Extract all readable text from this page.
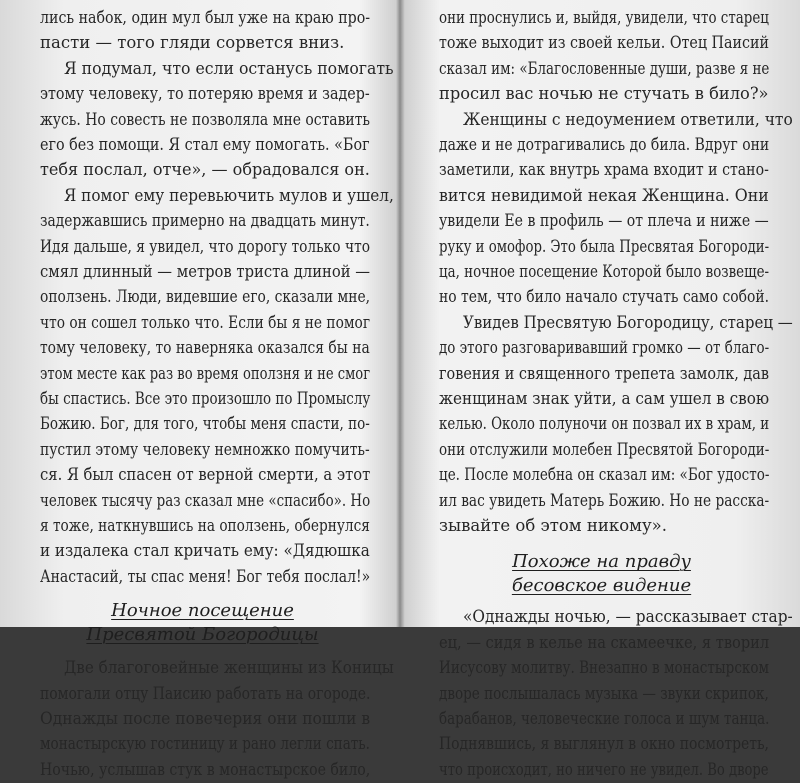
лись набок, один мул был уже на краю про-
пасти — того гляди сорвется вниз.
Я подумал, что если останусь помогать
этому человеку, то потеряю время и задер-
жусь. Но совесть не позволяла мне оставить
его без помощи. Я стал ему помогать. «Бог
тебя послал, отче», — обрадовался он.
Я помог ему перевьючить мулов и ушел,
задержавшись примерно на двадцать минут.
Идя дальше, я увидел, что дорогу только что
смял длинный — метров триста длиной —
оползень. Люди, видевшие его, сказали мне,
что он сошел только что. Если бы я не помог
тому человеку, то наверняка оказался бы на
этом месте как раз во время оползня и не смог
бы спастись. Все это произошло по Промыслу
Божию. Бог, для того, чтобы меня спасти, по-
пустил этому человеку немножко помучить-
ся. Я был спасен от верной смерти, а этот
человек тысячу раз сказал мне «спасибо». Но
я тоже, наткнувшись на оползень, обернулся
и издалека стал кричать ему: «Дядюшка
Анастасий, ты спас меня! Бог тебя послал!»
Ночное посещение
Пресвятой Богородицы
Две благоговейные женщины из Коницы
помогали отцу Паисию работать на огороде.
Однажды после повечерия они пошли в
монастырскую гостиницу и рано легли спать.
Ночью, услышав стук в монастырское било,
они проснулись и, выйдя, увидели, что старец
тоже выходит из своей кельи. Отец Паисий
сказал им: «Благословенные души, разве я не
просил вас ночью не стучать в било?»
Женщины с недоумением ответили, что
даже и не дотрагивались до била. Вдруг они
заметили, как внутрь храма входит и стано-
вится невидимой некая Женщина. Они
увидели Ее в профиль — от плеча и ниже —
руку и омофор. Это была Пресвятая Богороди-
ца, ночное посещение Которой было возвеще-
но тем, что било начало стучать само собой.
Увидев Пресвятую Богородицу, старец —
до этого разговаривавший громко — от благо-
говения и священного трепета замолк, дав
женщинам знак уйти, а сам ушел в свою
келью. Около полуночи он позвал их в храм, и
они отслужили молебен Пресвятой Богороди-
це. После молебна он сказал им: «Бог удосто-
ил вас увидеть Матерь Божию. Но не расска-
зывайте об этом никому».
Похоже на правду
бесовское видение
«Однажды ночью, — рассказывает стар-
ец, — сидя в келье на скамеечке, я творил
Иисусову молитву. Внезапно в монастырском
дворе послышалась музыка — звуки скрипок,
барабанов, человеческие голоса и шум танца.
Поднявшись, я выглянул в окно посмотреть,
что происходит, но ничего не увидел. Во дворе
